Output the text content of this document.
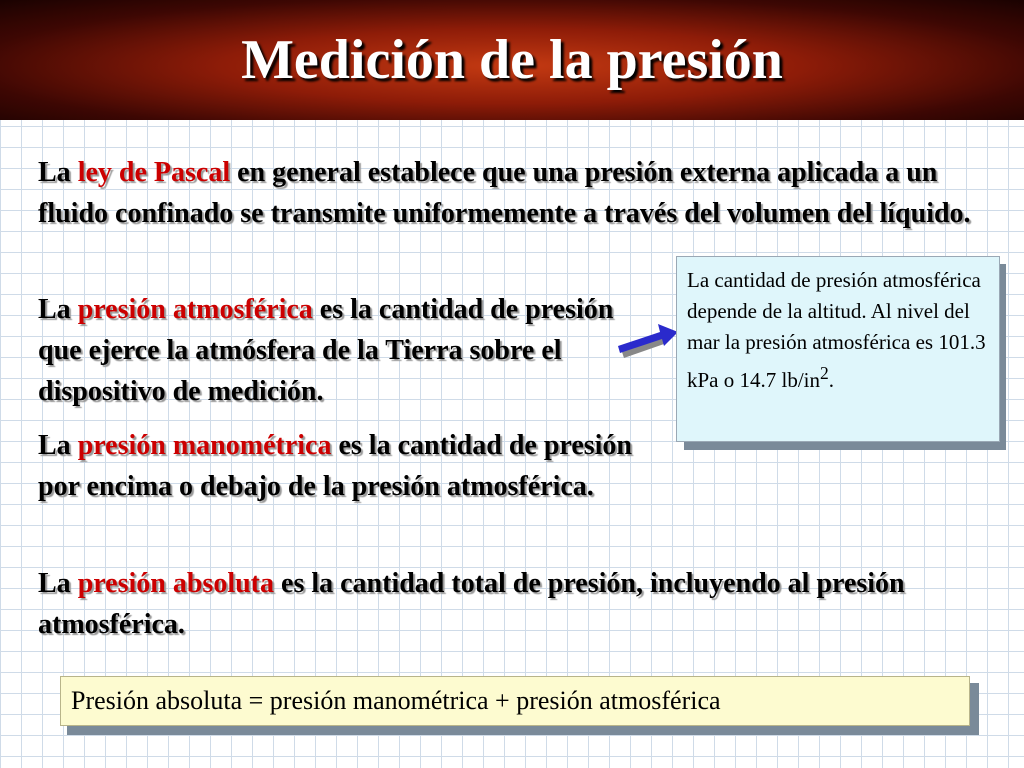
Medición de la presión

La ley de Pascal en general establece que una presión externa aplicada a un fluido confinado se transmite uniformemente a través del volumen del líquido.

La presión atmosférica es la cantidad de presión que ejerce la atmósfera de la Tierra sobre el dispositivo de medición.

La presión manométrica es la cantidad de presión por encima o debajo de la presión atmosférica.

La presión absoluta es la cantidad total de presión, incluyendo al presión atmosférica.

La cantidad de presión atmosférica depende de la altitud. Al nivel del mar la presión atmosférica es 101.3 kPa o 14.7 $lb/in^2$.
Presión absoluta = presión manométrica + presión atmosférica
